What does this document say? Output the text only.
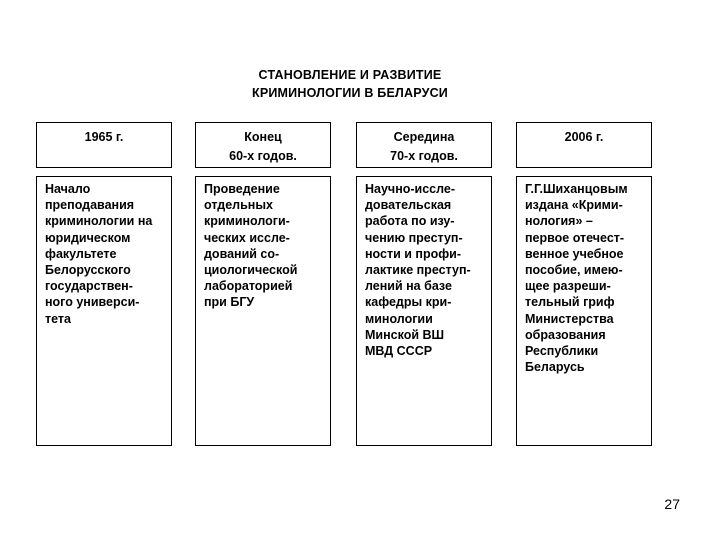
СТАНОВЛЕНИЕ И РАЗВИТИЕ
КРИМИНОЛОГИИ В БЕЛАРУСИ
1965 г.
Начало
преподавания
криминологии на
юридическом
факультете
Белорусского
государствен-
ного универси-
тета
Конец
60-х годов.
Проведение
отдельных
криминологи-
ческих иссле-
дований со-
циологической
лабораторией
при БГУ
Середина
70-х годов.
Научно-иссле-
довательская
работа по изу-
чению преступ-
ности и профи-
лактике преступ-
лений на базе
кафедры кри-
минологии
Минской ВШ
МВД СССР
2006 г.
Г.Г.Шиханцовым
издана «Крими-
нология» –
первое отечест-
венное учебное
пособие, имею-
щее разреши-
тельный гриф
Министерства
образования
Республики
Беларусь
27
